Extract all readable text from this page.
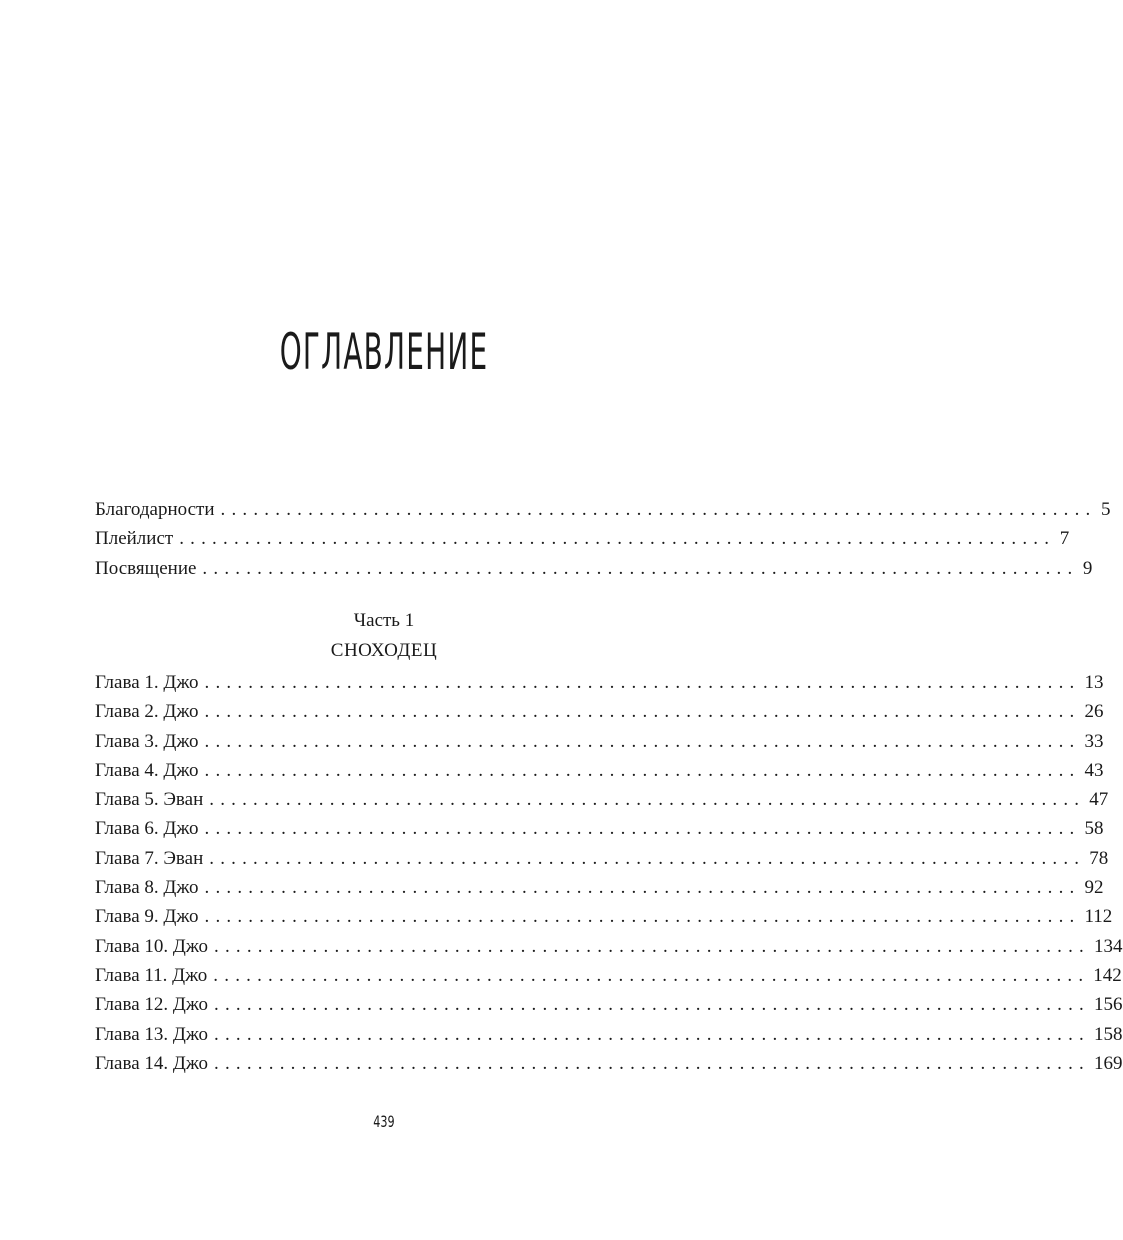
ОГЛАВЛЕНИЕ
Благодарности ................................................................................ 5
Плейлист ................................................................................ 7
Посвящение ................................................................................ 9
Часть 1
СНОХОДЕЦ
Глава 1. Джо ................................................................................ 13
Глава 2. Джо ................................................................................ 26
Глава 3. Джо ................................................................................ 33
Глава 4. Джо ................................................................................ 43
Глава 5. Эван ................................................................................ 47
Глава 6. Джо ................................................................................ 58
Глава 7. Эван ................................................................................ 78
Глава 8. Джо ................................................................................ 92
Глава 9. Джо ................................................................................ 112
Глава 10. Джо ................................................................................ 134
Глава 11. Джо ................................................................................ 142
Глава 12. Джо ................................................................................ 156
Глава 13. Джо ................................................................................ 158
Глава 14. Джо ................................................................................ 169
439
